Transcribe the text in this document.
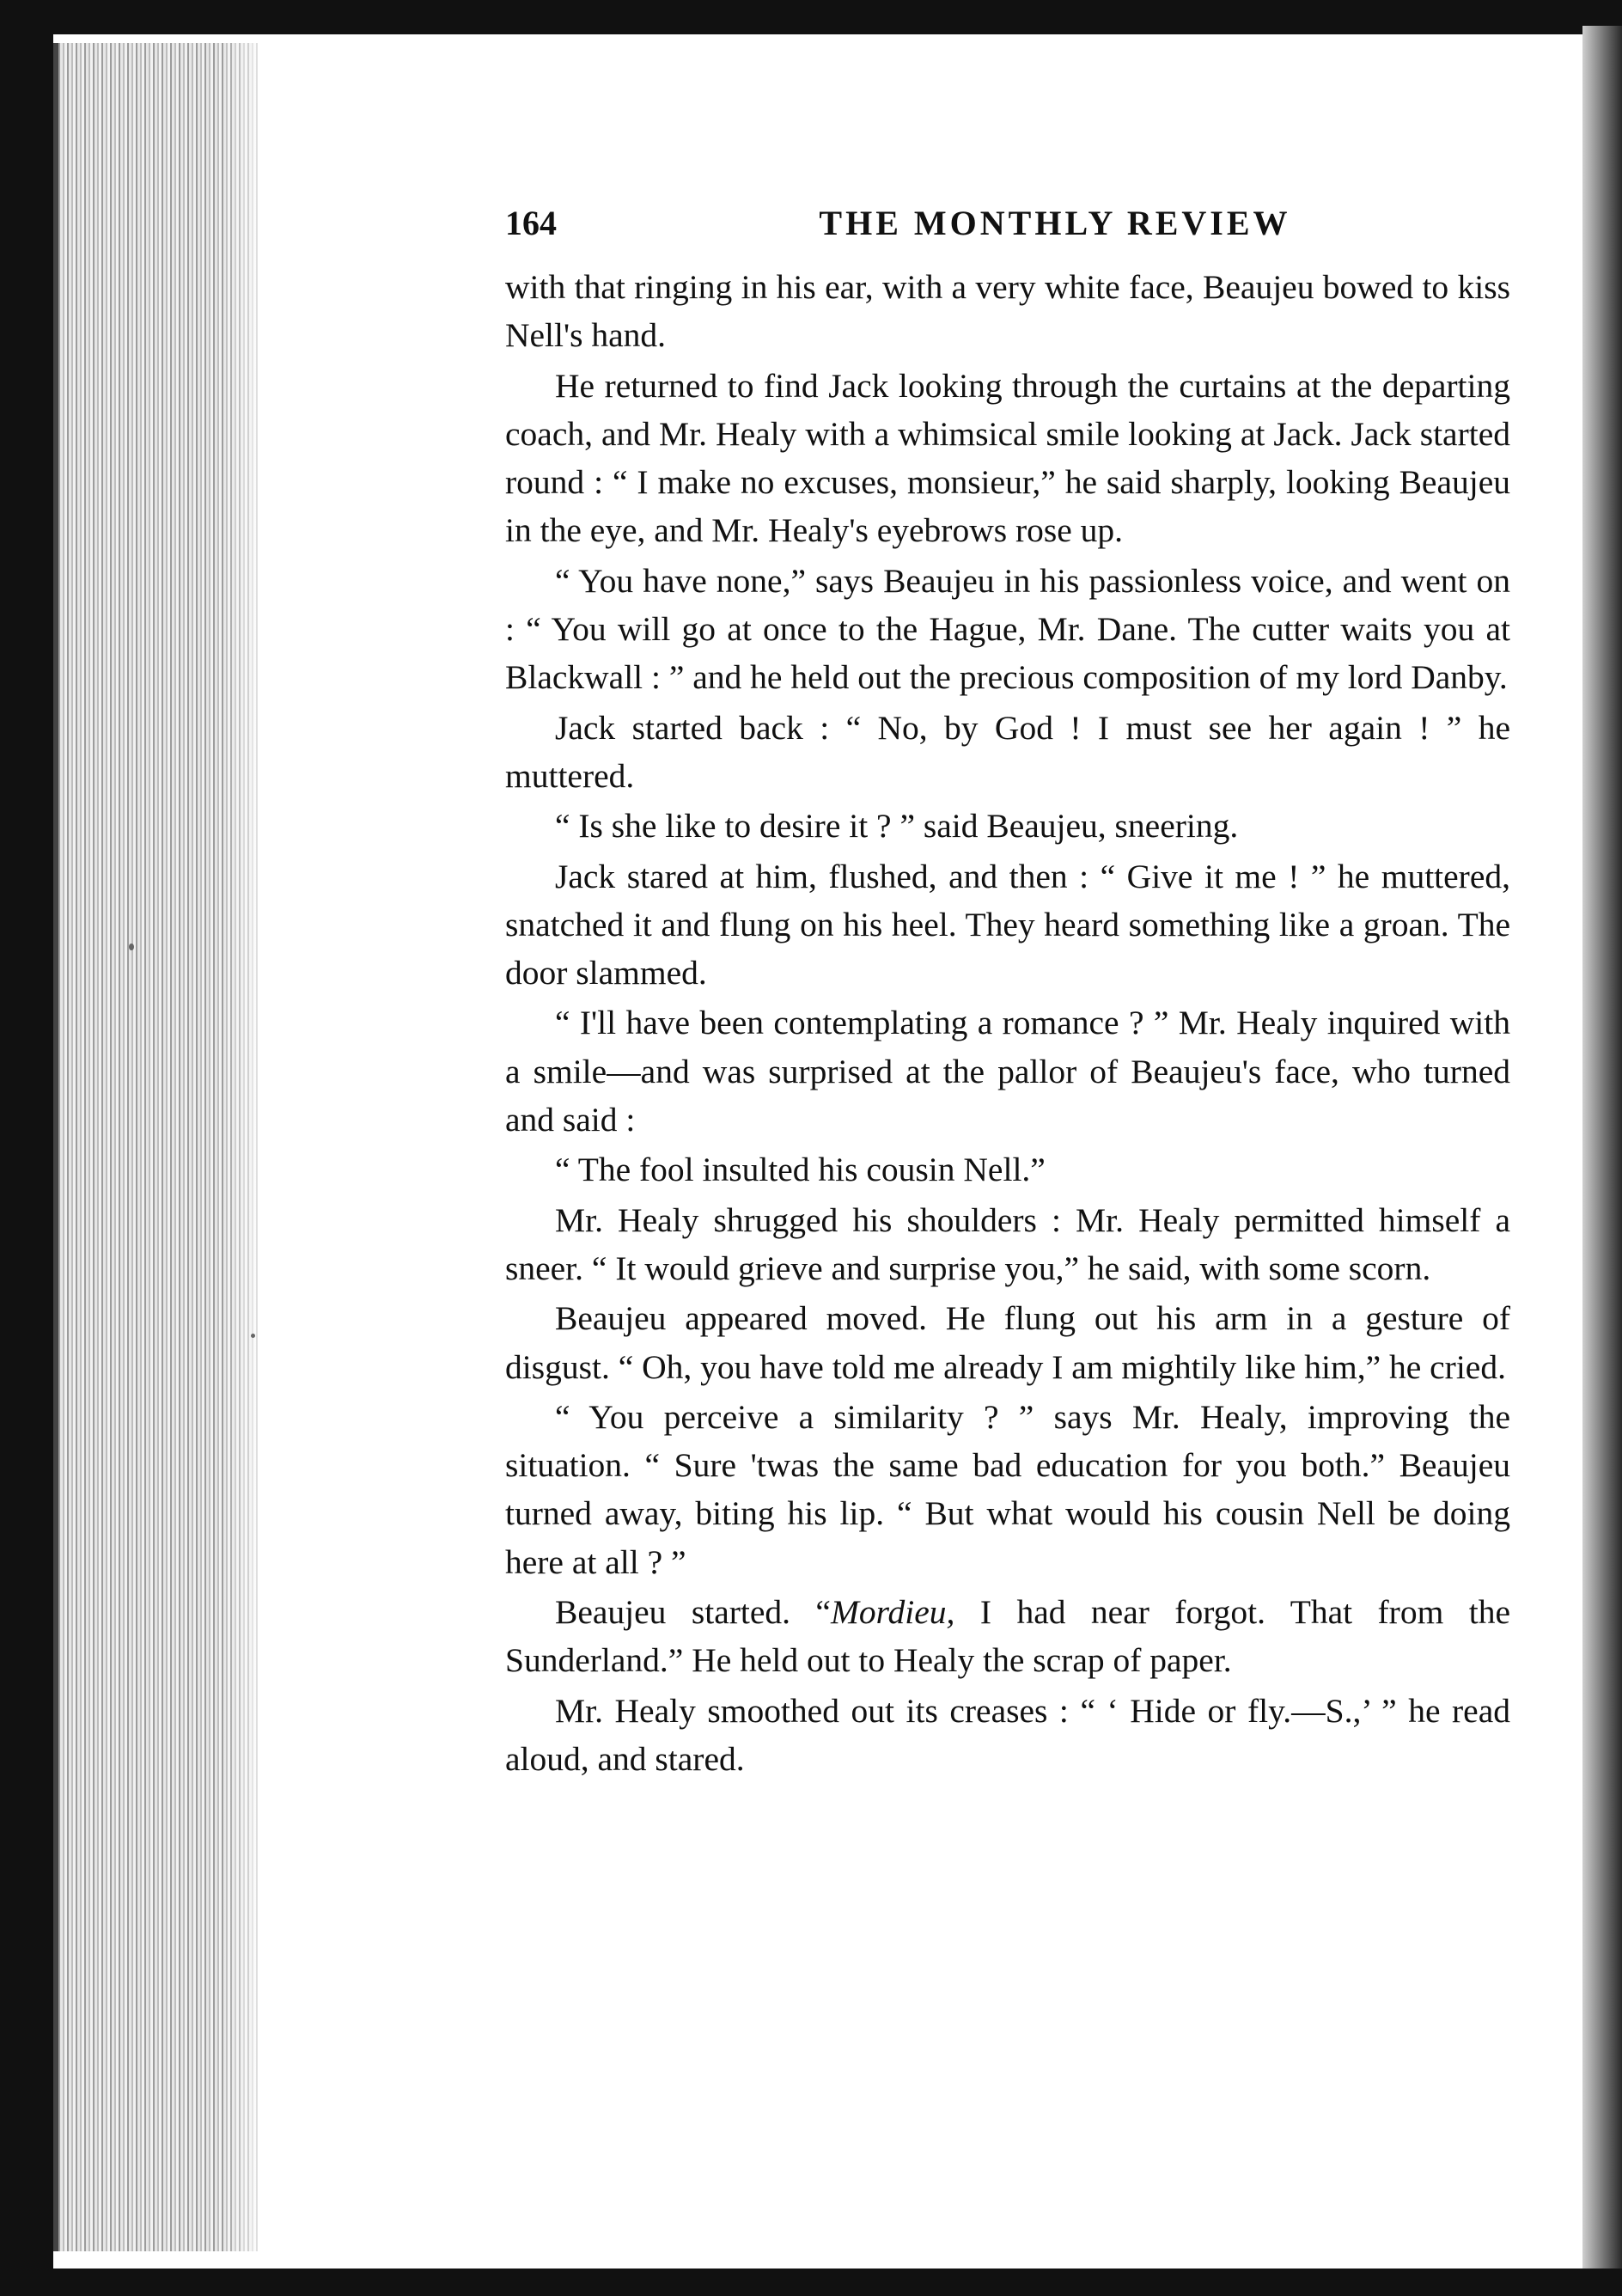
164	THE MONTHLY REVIEW

with that ringing in his ear, with a very white face, Beaujeu bowed to kiss Nell's hand.

He returned to find Jack looking through the curtains at the departing coach, and Mr. Healy with a whimsical smile looking at Jack. Jack started round : “ I make no excuses, monsieur,” he said sharply, looking Beaujeu in the eye, and Mr. Healy's eyebrows rose up.

“ You have none,” says Beaujeu in his passionless voice, and went on : “ You will go at once to the Hague, Mr. Dane. The cutter waits you at Blackwall : ” and he held out the precious composition of my lord Danby.

Jack started back : “ No, by God ! I must see her again ! ” he muttered.

“ Is she like to desire it ? ” said Beaujeu, sneering.

Jack stared at him, flushed, and then : “ Give it me ! ” he muttered, snatched it and flung on his heel. They heard something like a groan. The door slammed.

“ I'll have been contemplating a romance ? ” Mr. Healy inquired with a smile—and was surprised at the pallor of Beaujeu's face, who turned and said :

“ The fool insulted his cousin Nell.”

Mr. Healy shrugged his shoulders : Mr. Healy permitted himself a sneer. “ It would grieve and surprise you,” he said, with some scorn.

Beaujeu appeared moved. He flung out his arm in a gesture of disgust. “ Oh, you have told me already I am mightily like him,” he cried.

“ You perceive a similarity ? ” says Mr. Healy, improving the situation. “ Sure 'twas the same bad education for you both.” Beaujeu turned away, biting his lip. “ But what would his cousin Nell be doing here at all ? ”

Beaujeu started. “Mordieu, I had near forgot. That from the Sunderland.” He held out to Healy the scrap of paper.

Mr. Healy smoothed out its creases : “ ‘ Hide or fly.—S.,’ ” he read aloud, and stared.
